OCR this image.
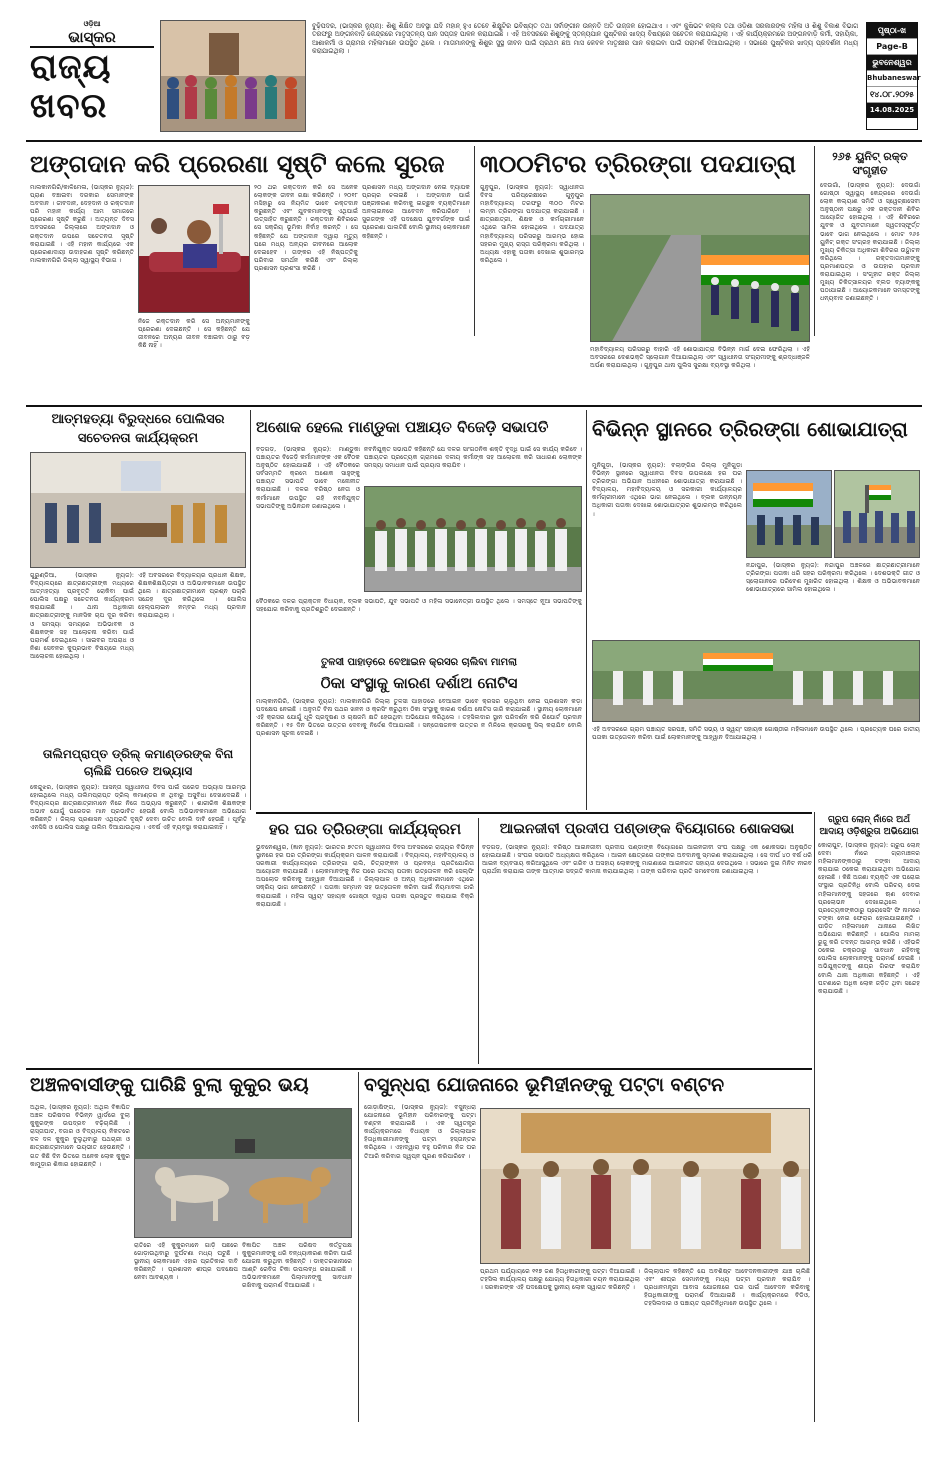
ଓଡ଼ିଆ
ଭାସ୍କର
ରାଜ୍ୟ
ଖବର
ବୁଢ଼ିପଦର, (ଭାସ୍କର ନ୍ୟୁଜ): ଶିଶୁ ଶିକ୍ଷିତ ଅବସ୍ଥା ଯଦି ମହାନ୍ ହୁଏ ତେବେ ଶିକ୍ଷୁଟିର ଭବିଷ୍ୟତ ତଥା ସର୍ବାଙ୍ଗୀନ ଉନ୍ନତି ଅତି ଉଜ୍ଜଳ ହୋଇଥାଏ । ଏବଂ କୁଷିଭଟ କଲ୍ଲ ତଥା ଓଡ଼ିଶା ସରକାରଙ୍କ ମହିଳା ଓ ଶିଶୁ ବିକାଶ ବିଭାଗ ତରଫରୁ ଅଙ୍ଗନବାଡ଼ି କେନ୍ଦ୍ରରେ ମାତୃସ୍ତନ୍ୟ ପାନ ସପ୍ତାହ ପାଳନ କରାଯାଇଛି । ଏହି ଅବସରରେ ଶିଶୁଙ୍କୁ ସ୍ତନ୍ୟପାନ ପୁଷ୍ଟିକର ଖାଦ୍ୟ ବିଷୟରେ ସଚେତନ କରାଯାଇଥିଲା । ଏହି କାର୍ଯ୍ୟକ୍ରମରେ ଅଙ୍ଗନବାଡ଼ି କର୍ମୀ, ସହାୟିକା, ଆଶାକର୍ମୀ ଓ ଗ୍ରାମର ମହିଳାମାନେ ଉପସ୍ଥିତ ଥିଲେ । ମାତାମାନଙ୍କୁ ଶିଶୁର ସୁସ୍ଥ ଜୀବନ ପାଇଁ ପ୍ରଥମ ଛଅ ମାସ କେବଳ ମାତୃକ୍ଷୀର ପାନ କରାଇବା ପାଇଁ ପରାମର୍ଶ ଦିଆଯାଇଥିଲା । ସଭାରେ ପୁଷ୍ଟିକର ଖାଦ୍ୟ ପ୍ରଦର୍ଶନୀ ମଧ୍ୟ କରାଯାଇଥିଲା ।
ପୃଷ୍ଠା-ଖ
Page-B
ଭୁବନେଶ୍ୱର
Bhubaneswar
୧୪.୦୮.୨୦୨୫
14.08.2025
ଅଙ୍ଗଦାନ କରି ପ୍ରେରଣା ସୃଷ୍ଟି କଲେ ସୁରଜ	୩୦୦ମିଟର ତ୍ରିରଙ୍ଗା ପଦଯାତ୍ରା	୨୬୫ ୟୁନିଟ୍ ରକ୍ତ ସଂଗୃହୀତ
ମାଲକାନଗିରି/କାଳିମେଳା, (ଭାସ୍କର ନ୍ୟୁଜ): ପ୍ରାଣ ବଞ୍ଚାଇବା ଦରକାର ସେମାନଙ୍କ ଅବଦାନ । ଜୀବଦାନ, ଦେହଦାନ ଓ ରକ୍ତଦାନ ପରି ମହାନ କାର୍ଯ୍ୟ ଆମ ସମାଜରେ ପ୍ରେରଣା ସୃଷ୍ଟି କରୁଛି । ଅତ୍ୟନ୍ତ ଦିବସ ଅବସରରେ ଜିଲ୍ଲାରେ ଅଙ୍ଗଦାନ ଓ ରକ୍ତଦାନ ଉପରେ ସଚେତନତା ସୃଷ୍ଟି କରାଯାଇଛି । ଏହି ମହାନ କାର୍ଯ୍ୟରେ ଏକ ପ୍ରେରଣାଦାୟୀ ଉଦାହରଣ ସୃଷ୍ଟି କରିଛନ୍ତି ମାଲକାନଗିରି ଜିଲ୍ଲା ସ୍ୱାସ୍ଥ୍ୟ ବିଭାଗ ।
ନିଜେ ରକ୍ତଦାନ କରି ସେ ଅନ୍ୟମାନଙ୍କୁ ପ୍ରେରଣା ଦେଇଛନ୍ତି । ସେ କହିଛନ୍ତି ଯେ ଜୀବନରେ ଅନ୍ୟର ଜୀବନ ବଞ୍ଚାଇବା ଠାରୁ ବଡ଼ କିଛି ନାହିଁ ।
୨୦ ଥର ରକ୍ତଦାନ କରି ସେ ଅନେକ ଲୋକଙ୍କ ଜୀବନ ରକ୍ଷା କରିଛନ୍ତି । ୨୦୧୮ ମସିହାରୁ ସେ ନିୟମିତ ଭାବେ ରକ୍ତଦାନ କରୁଛନ୍ତି ଏବଂ ଯୁବକମାନଙ୍କୁ ଏଥିପାଇଁ ଉତ୍ସାହିତ କରୁଛନ୍ତି । ରକ୍ତଦାନ ଶିବିରରେ ସେ ସକ୍ରିୟ ଭୂମିକା ନିର୍ବାହ କରନ୍ତି । ସେ କହିଛନ୍ତି ଯେ ଅଙ୍ଗଦାନ ଦ୍ୱାରା ମୃତ୍ୟୁ ପରେ ମଧ୍ୟ ଅନ୍ୟର ଜୀବନରେ ଆଲୋକ ଦେଇହେବ । ତାଙ୍କର ଏହି ନିଷ୍ପତ୍ତିକୁ ପରିବାର ସମର୍ଥନ କରିଛି ଏବଂ ଜିଲ୍ଲା ପ୍ରଶାସନ ପ୍ରଶଂସା କରିଛି ।
ପ୍ରଶାସନ ମଧ୍ୟ ଅଙ୍ଗଦାନ ନେଇ ବ୍ୟାପକ ପ୍ରଚାର ଚଳାଇଛି । ଅଙ୍ଗଦାନ ପାଇଁ ପଞ୍ଜୀକରଣ କରିବାକୁ ଇଚ୍ଛୁକ ବ୍ୟକ୍ତିମାନେ ଅନଲାଇନରେ ଆବେଦନ କରିପାରିବେ । ସୁରଜଙ୍କ ଏହି ପଦକ୍ଷେପ ଯୁବବର୍ଗଙ୍କ ପାଇଁ ପ୍ରେରଣା ପାଲଟିଛି ବୋଲି ସ୍ଥାନୀୟ ଲୋକମାନେ କହିଛନ୍ତି ।
ଗୁନୁପୁର, (ଭାସ୍କର ନ୍ୟୁଜ): ସ୍ୱାଧୀନତା ଦିବସ ପରିପ୍ରେକ୍ଷୀରେ ଗୁନୁପୁର ମହାବିଦ୍ୟାଳୟ ତରଫରୁ ୩୦୦ ମିଟର ଲମ୍ବା ତ୍ରିରଙ୍ଗା ପଦଯାତ୍ରା କରାଯାଇଛି । ଛାତ୍ରଛାତ୍ରୀ, ଶିକ୍ଷକ ଓ କର୍ମଚାରୀମାନେ ଏଥିରେ ସାମିଲ ହୋଇଥିଲେ । ପଦଯାତ୍ରା ମହାବିଦ୍ୟାଳୟ ପରିସରରୁ ଆରମ୍ଭ ହୋଇ ସହରର ମୁଖ୍ୟ ରାସ୍ତା ପରିକ୍ରମା କରିଥିଲା । ଅଧ୍ୟକ୍ଷ ଏହାକୁ ପତାକା ଦେଖାଇ ଶୁଭାରମ୍ଭ କରିଥିଲେ ।
ମହାବିଦ୍ୟାଳୟ ପରିସରରୁ ବାହାରି ଏହି ଶୋଭାଯାତ୍ରା ବିଭିନ୍ନ ମାର୍ଗ ଦେଇ ଫେରିଥିଲା । ଏହି ଅବସରରେ ଦେଶଭକ୍ତି ସ୍ଲୋଗାନ ଦିଆଯାଇଥିଲା ଏବଂ ସ୍ୱାଧୀନତା ସଂଗ୍ରାମୀଙ୍କୁ ଶ୍ରଦ୍ଧାଞ୍ଜଳି ଅର୍ପଣ କରାଯାଇଥିଲା । ଗୁନୁପୁର ଥାନା ପୁଲିସ ସୁରକ୍ଷା ବ୍ୟବସ୍ଥା କରିଥିଲା ।
ଦେଉଗାଁ, (ଭାସ୍କର ନ୍ୟୁଜ): ଦେଉଗାଁ ଗୋଷ୍ଠୀ ସ୍ୱାସ୍ଥ୍ୟ କେନ୍ଦ୍ରରେ ଦେଉଗାଁ ଲୋକ କଲ୍ୟାଣ ସମିତି ଓ ସ୍ୱେଚ୍ଛାସେବୀ ଅନୁଷ୍ଠାନ ପକ୍ଷରୁ ଏକ ରକ୍ତଦାନ ଶିବିର ଆୟୋଜିତ ହୋଇଥିଲା । ଏହି ଶିବିରରେ ଯୁବକ ଓ ଯୁବତୀମାନେ ସ୍ୱତଃସ୍ଫୂର୍ତ୍ତ ଭାବେ ଭାଗ ନେଇଥିଲେ । ମୋଟ ୨୬୫ ୟୁନିଟ୍ ରକ୍ତ ସଂଗ୍ରହ କରାଯାଇଛି । ଜିଲ୍ଲା ମୁଖ୍ୟ ଚିକିତ୍ସା ଅଧିକାରୀ ଶିବିରର ଉଦ୍ଘାଟନ କରିଥିଲେ । ରକ୍ତଦାତାମାନଙ୍କୁ ପ୍ରମାଣପତ୍ର ଓ ଉପହାର ପ୍ରଦାନ କରାଯାଇଥିଲା । ସଂଗୃହୀତ ରକ୍ତ ଜିଲ୍ଲା ମୁଖ୍ୟ ଚିକିତ୍ସାଳୟର ବ୍ଲଡ ବ୍ୟାଙ୍କକୁ ପଠାଯାଇଛି । ଆୟୋଜକମାନେ ସମସ୍ତଙ୍କୁ ଧନ୍ୟବାଦ ଜଣାଇଛନ୍ତି ।
ଆତ୍ମହତ୍ୟା ବିରୁଦ୍ଧରେ ପୋଲିସର ସଚେତନତା କାର୍ଯ୍ୟକ୍ରମ
ଗୁରୁଣ୍ଡିଆ, (ଭାସ୍କର ନ୍ୟୁଜ): ବିଦ୍ୟାଳୟରେ ଛାତ୍ରଛାତ୍ରୀଙ୍କ ମଧ୍ୟରେ ଆତ୍ମହତ୍ୟା ପ୍ରବୃତ୍ତି ରୋକିବା ପାଇଁ ପୋଲିସ ପକ୍ଷରୁ ସଚେତନତା କାର୍ଯ୍ୟକ୍ରମ କରାଯାଇଛି । ଥାନା ଅଧିକାରୀ ଛାତ୍ରଛାତ୍ରୀଙ୍କୁ ମାନସିକ ଚାପ ଦୂର କରିବା ଓ ସମସ୍ୟା ସମୟରେ ଅଭିଭାବକ ଓ ଶିକ୍ଷକଙ୍କ ସହ ଆଲୋଚନା କରିବା ପାଇଁ ପରାମର୍ଶ ଦେଇଥିଲେ । ସାଇବର ଅପରାଧ ଓ ନିଶା ସେବନର କୁପ୍ରଭାବ ବିଷୟରେ ମଧ୍ୟ ଆଲୋଚନା ହୋଇଥିଲା ।
ଏହି ଅବସରରେ ବିଦ୍ୟାଳୟର ପ୍ରଧାନ ଶିକ୍ଷକ, ଶିକ୍ଷକଶିକ୍ଷୟିତ୍ରୀ ଓ ଅଭିଭାବକମାନେ ଉପସ୍ଥିତ ଥିଲେ । ଛାତ୍ରଛାତ୍ରୀମାନେ ପ୍ରଶ୍ନ ପଚାରି ସନ୍ଦେହ ଦୂର କରିଥିଲେ । ପୋଲିସ ହେଲ୍ପଲାଇନ ନମ୍ବର ମଧ୍ୟ ପ୍ରଦାନ କରାଯାଇଥିଲା ।
ଅଶୋକ ହେଲେ ମାଣ୍ଡୁକା ପଞ୍ଚାୟତ ବିଜେଡ଼ି ସଭାପତି
ବଡ଼ଗଡ଼, (ଭାସ୍କର ନ୍ୟୁଜ): ମାଣ୍ଡୁକା ପଞ୍ଚାୟତର ବିଜେଡ଼ି କର୍ମୀମାନଙ୍କ ଏକ ବୈଠକ ଅନୁଷ୍ଠିତ ହୋଇଯାଇଛି । ଏହି ବୈଠକରେ ସର୍ବସମ୍ମତି କ୍ରମେ ଅଶୋକ ସାହୁଙ୍କୁ ପଞ୍ଚାୟତ ସଭାପତି ଭାବେ ମନୋନୀତ କରାଯାଇଛି । ଦଳର ବରିଷ୍ଠ ନେତା ଓ କର୍ମୀମାନେ ଉପସ୍ଥିତ ରହି ନବନିଯୁକ୍ତ ସଭାପତିଙ୍କୁ ଅଭିନନ୍ଦନ ଜଣାଇଥିଲେ ।
ନବନିଯୁକ୍ତ ସଭାପତି କହିଛନ୍ତି ଯେ ଦଳର ସାଂଗଠନିକ ଶକ୍ତି ବୃଦ୍ଧି ପାଇଁ ସେ କାର୍ଯ୍ୟ କରିବେ । ପଞ୍ଚାୟତର ପ୍ରତ୍ୟେକ ଗ୍ରାମରେ ଦଳୀୟ କର୍ମୀଙ୍କ ସହ ଆଲୋଚନା କରି ସାଧାରଣ ଲୋକଙ୍କ ସମସ୍ୟା ସମାଧାନ ପାଇଁ ପ୍ରୟାସ କରାଯିବ ।
ବୈଠକରେ ଦଳର ପ୍ରାକ୍ତନ ବିଧାୟକ, ବ୍ଲକ ସଭାପତି, ଯୁବ ସଭାପତି ଓ ମହିଳା ସଭାନେତ୍ରୀ ଉପସ୍ଥିତ ଥିଲେ । ସମସ୍ତେ ନୂଆ ସଭାପତିଙ୍କୁ ସହଯୋଗ କରିବାକୁ ପ୍ରତିଶ୍ରୁତି ଦେଇଛନ୍ତି ।
ବିଭିନ୍ନ ସ୍ଥାନରେ ତ୍ରିରଙ୍ଗା ଶୋଭାଯାତ୍ରା
ମୁନିଗୁଡ଼ା, (ଭାସ୍କର ନ୍ୟୁଜ): ବଲାଙ୍ଗିର ଜିଲ୍ଲା ମୁନିଗୁଡ଼ା ବିଭିନ୍ନ ସ୍ଥାନରେ ସ୍ୱାଧୀନତା ଦିବସ ଉପଲକ୍ଷେ ହର ଘର ତ୍ରିରଙ୍ଗା ଅଭିଯାନ ଅଧୀନରେ ଶୋଭାଯାତ୍ରା କରାଯାଇଛି । ବିଦ୍ୟାଳୟ, ମହାବିଦ୍ୟାଳୟ ଓ ସରକାରୀ କାର୍ଯ୍ୟାଳୟର କର୍ମଚାରୀମାନେ ଏଥିରେ ଭାଗ ନେଇଥିଲେ । ବ୍ଲକ ଉନ୍ନୟନ ଅଧିକାରୀ ପତାକା ଦେଖାଇ ଶୋଭାଯାତ୍ରାର ଶୁଭାରମ୍ଭ କରିଥିଲେ ।
ନନ୍ଦାପୁର, (ଭାସ୍କର ନ୍ୟୁଜ): ନନ୍ଦାପୁର ଅଞ୍ଚଳରେ ଛାତ୍ରଛାତ୍ରୀମାନେ ତ୍ରିରଙ୍ଗା ପତାକା ଧରି ସହର ପରିକ୍ରମା କରିଥିଲେ । ଦେଶଭକ୍ତି ଗୀତ ଓ ସ୍ଲୋଗାନରେ ପରିବେଶ ମୁଖରିତ ହୋଇଥିଲା । ଶିକ୍ଷକ ଓ ଅଭିଭାବକମାନେ ଶୋଭାଯାତ୍ରାରେ ସାମିଲ ହୋଇଥିଲେ ।
ଏହି ଅବସରରେ ଗ୍ରାମ ପଞ୍ଚାୟତ ସରପଞ୍ଚ, ସମିତି ସଭ୍ୟ ଓ ସ୍ୱୟଂ ସହାୟକ ଗୋଷ୍ଠୀର ମହିଳାମାନେ ଉପସ୍ଥିତ ଥିଲେ । ପ୍ରତ୍ୟେକ ଘରେ ଜାତୀୟ ପତାକା ଉତ୍ତୋଳନ କରିବା ପାଇଁ ଲୋକମାନଙ୍କୁ ଆହ୍ୱାନ ଦିଆଯାଇଥିଲା ।
ତାଲିମପ୍ରାପ୍ତ ଡ୍ରିଲ୍ କମାଣ୍ଡରଙ୍କ ବିନା ଚାଲିଛି ପରେଡ ଅଭ୍ୟାସ
କେନ୍ଦୁଝର, (ଭାସ୍କର ନ୍ୟୁଜ): ଆସନ୍ତା ସ୍ୱାଧୀନତା ଦିବସ ପାଇଁ ପରେଡ ଅଭ୍ୟାସ ଆରମ୍ଭ ହୋଇଥିଲେ ମଧ୍ୟ ତାଲିମପ୍ରାପ୍ତ ଡ୍ରିଲ୍ କମାଣ୍ଡର ନ ଥିବାରୁ ଅସୁବିଧା ଦେଖାଦେଇଛି । ବିଦ୍ୟାଳୟର ଛାତ୍ରଛାତ୍ରୀମାନେ ନିଜେ ନିଜେ ଅଭ୍ୟାସ କରୁଛନ୍ତି । ଶାରୀରିକ ଶିକ୍ଷକଙ୍କ ଅଭାବ ଯୋଗୁଁ ପରେଡର ମାନ ପ୍ରଭାବିତ ହେଉଛି ବୋଲି ଅଭିଭାବକମାନେ ଅଭିଯୋଗ କରିଛନ୍ତି । ଜିଲ୍ଲା ପ୍ରଶାସନ ଏଥିପ୍ରତି ଦୃଷ୍ଟି ଦେବା ଉଚିତ ବୋଲି ଦାବି ହେଉଛି । ପୂର୍ବରୁ ଏନସିସି ଓ ପୋଲିସ ପକ୍ଷରୁ ତାଲିମ ଦିଆଯାଉଥିଲା । ଏବର୍ଷ ଏହି ବ୍ୟବସ୍ଥା କରାଯାଇନାହିଁ ।
ତୁଳସୀ ପାହାଡ଼ରେ ବେଆଇନ କ୍ରସର ଚାଲିବା ମାମଲା
ଠିକା ସଂସ୍ଥାକୁ କାରଣ ଦର୍ଶାଅ ନୋଟିସ
ମାଲ୍‌କାନଗିରି, (ଭାସ୍କର ନ୍ୟୁଜ): ମାଲକାନଗିରି ଜିଲ୍ଲା ତୁଳସୀ ପାହାଡ଼ରେ ବେଆଇନ ଭାବେ କ୍ରସର ଚାଲୁଥିବା ନେଇ ପ୍ରଶାସନ କଡ଼ା ପଦକ୍ଷେପ ନେଇଛି । ଅନୁମତି ବିନା ପଥର ଖନନ ଓ କ୍ରସିଂ କରୁଥିବା ଠିକା ସଂସ୍ଥାକୁ କାରଣ ଦର୍ଶାଅ ନୋଟିସ ଜାରି କରାଯାଇଛି । ସ୍ଥାନୀୟ ଲୋକମାନେ ଏହି କ୍ରସର ଯୋଗୁଁ ଧୂଳି ପ୍ରଦୂଷଣ ଓ ଚାଷଜମି କ୍ଷତି ହେଉଥିବା ଅଭିଯୋଗ କରିଥିଲେ । ତହସିଲଦାର ସ୍ଥାନ ପରିଦର୍ଶନ କରି ରିପୋର୍ଟ ପ୍ରଦାନ କରିଛନ୍ତି । ୧୫ ଦିନ ଭିତରେ ଉତ୍ତର ଦେବାକୁ ନିର୍ଦ୍ଦେଶ ଦିଆଯାଇଛି । ସନ୍ତୋଷଜନକ ଉତ୍ତର ନ ମିଳିଲେ କ୍ରସରକୁ ସିଲ୍ କରାଯିବ ବୋଲି ପ୍ରଶାସନ ସୂଚନା ଦେଇଛି ।
ହର ଘର ତ୍ରିରଙ୍ଗା କାର୍ଯ୍ୟକ୍ରମ
ଭୁବନେଶ୍ୱର, (ଜ୍ଞାନ ନ୍ୟୁଜ): ଭାରତର ୭୯ତମ ସ୍ୱାଧୀନତା ଦିବସ ଅବସରରେ ରାଜ୍ୟର ବିଭିନ୍ନ ସ୍ଥାନରେ ହର ଘର ତ୍ରିରଙ୍ଗା କାର୍ଯ୍ୟକ୍ରମ ପାଳନ କରାଯାଉଛି । ବିଦ୍ୟାଳୟ, ମହାବିଦ୍ୟାଳୟ ଓ ସରକାରୀ କାର୍ଯ୍ୟାଳୟରେ ତ୍ରିରଙ୍ଗା ରାଲି, ଚିତ୍ରାଙ୍କନ ଓ ପ୍ରବନ୍ଧ ପ୍ରତିଯୋଗିତା ଆୟୋଜନ କରାଯାଇଛି । ଲୋକମାନଙ୍କୁ ନିଜ ଘରେ ଜାତୀୟ ପତାକା ଉତ୍ତୋଳନ କରି ସେଲ୍ଫି ଅପଲୋଡ କରିବାକୁ ଆହ୍ୱାନ ଦିଆଯାଇଛି । ଜିଲ୍ଲାପାଳ ଓ ଅନ୍ୟ ଅଧିକାରୀମାନେ ଏଥିରେ ସକ୍ରିୟ ଭାଗ ନେଉଛନ୍ତି । ପତାକା ସମ୍ମାନ ସହ ଉତ୍ତୋଳନ କରିବା ପାଇଁ ନିୟମାବଳୀ ଜାରି କରାଯାଇଛି । ମହିଳା ସ୍ୱୟଂ ସହାୟକ ଗୋଷ୍ଠୀ ଦ୍ୱାରା ପତାକା ପ୍ରସ୍ତୁତ କରାଯାଇ ବିକ୍ରି କରାଯାଉଛି ।
ଆଇନଜୀବୀ ପ୍ରଦୀପ ପଣ୍ଡାଙ୍କ ବିୟୋଗରେ ଶୋକସଭା
ବଡ଼ଗଡ଼, (ଭାସ୍କର ନ୍ୟୁଜ): ବରିଷ୍ଠ ଆଇନଜୀବୀ ପ୍ରଦୀପ ପଣ୍ଡାଙ୍କ ବିୟୋଗରେ ଆଇନଜୀବୀ ସଂଘ ପକ୍ଷରୁ ଏକ ଶୋକସଭା ଅନୁଷ୍ଠିତ ହୋଇଯାଇଛି । ସଂଘର ସଭାପତି ଅଧ୍ୟକ୍ଷତା କରିଥିଲେ । ଆଇନ କ୍ଷେତ୍ରରେ ତାଙ୍କର ଅବଦାନକୁ ସ୍ମରଣ କରାଯାଇଥିଲା । ସେ ଦୀର୍ଘ ୪୦ ବର୍ଷ ଧରି ଆଇନ ବ୍ୟବସାୟ କରିଆସୁଥିଲେ ଏବଂ ଗରିବ ଓ ଅସହାୟ ଲୋକଙ୍କୁ ମାଗଣାରେ ଆଇନଗତ ସହାୟତା ଦେଉଥିଲେ । ସଭାରେ ଦୁଇ ମିନିଟ ନୀରବ ପ୍ରାର୍ଥନା କରାଯାଇ ତାଙ୍କ ଆତ୍ମାର ସଦ୍‌ଗତି କାମନା କରାଯାଇଥିଲା । ତାଙ୍କ ପରିବାର ପ୍ରତି ସମବେଦନା ଜଣାଯାଇଥିଲା ।
ଗ୍ରୁପ ଲୋନ୍ ନାଁରେ ଅର୍ଥ ଆଦାୟ ଓଡ଼ିଶ୍ରୁତା ଅଭିଯୋଗ
କୋରାପୁଟ, (ଭାସ୍କର ନ୍ୟୁଜ): ଗ୍ରୁପ ଲୋନ୍ ଦେବା ନାଁରେ ଗ୍ରାମାଞ୍ଚଳର ମହିଳାମାନଙ୍କଠାରୁ ଟଙ୍କା ଆଦାୟ କରାଯାଇ ଠକେଇ କରାଯାଇଥିବା ଅଭିଯୋଗ ହୋଇଛି । କିଛି ଅଜଣା ବ୍ୟକ୍ତି ଏକ ଘରୋଇ ସଂସ୍ଥାର ପ୍ରତିନିଧି ବୋଲି ପରିଚୟ ଦେଇ ମହିଳାମାନଙ୍କୁ ସହଜରେ ଋଣ ଦେବାର ପ୍ରଲୋଭନ ଦେଖାଇଥିଲେ । ପ୍ରତ୍ୟେକଙ୍କଠାରୁ ପ୍ରୋସେସିଂ ଫି ନାମରେ ଟଙ୍କା ନେଇ ଫେରାର ହୋଇଯାଇଛନ୍ତି । ପୀଡ଼ିତ ମହିଳାମାନେ ଥାନାରେ ଲିଖିତ ଅଭିଯୋଗ କରିଛନ୍ତି । ପୋଲିସ ମାମଲା ରୁଜୁ କରି ତଦନ୍ତ ଆରମ୍ଭ କରିଛି । ଏହିଭଳି ଠକେଇ ଚକ୍ରଠାରୁ ସାବଧାନ ରହିବାକୁ ପୋଲିସ ଲୋକମାନଙ୍କୁ ପରାମର୍ଶ ଦେଇଛି । ଅଭିଯୁକ୍ତଙ୍କୁ ଶୀଘ୍ର ଗିରଫ କରାଯିବ ବୋଲି ଥାନା ଅଧିକାରୀ କହିଛନ୍ତି । ଏହି ଘଟଣାରେ ଅଧିକ ଲୋକ ଜଡ଼ିତ ଥିବା ସନ୍ଦେହ କରାଯାଉଛି ।
ଅଞ୍ଚଳବାସୀଙ୍କୁ ଘାରିଛି ବୁଲା କୁକୁର ଭୟ
ଅଥିଲ, (ଭାସ୍କର ନ୍ୟୁଜ): ଅଥିଲ ବିଜ୍ଞାପିତ ଅଞ୍ଚଳ ପରିଷଦର ବିଭିନ୍ନ ୱାର୍ଡରେ ବୁଲା କୁକୁରଙ୍କ ଉପଦ୍ରବ ବଢ଼ିଚାଲିଛି । ରାସ୍ତାଘାଟ, ବଜାର ଓ ବିଦ୍ୟାଳୟ ନିକଟରେ ଦଳ ଦଳ କୁକୁର ବୁଲୁଥିବାରୁ ପଥଚାରୀ ଓ ଛାତ୍ରଛାତ୍ରୀମାନେ ଭୟଭୀତ ହେଉଛନ୍ତି । ଗତ କିଛି ଦିନ ଭିତରେ ଅନେକ ଲୋକ କୁକୁର କାମୁଡ଼ାର ଶିକାର ହୋଇଛନ୍ତି ।
ରାତିରେ ଏହି କୁକୁରମାନେ ଗାଡ଼ି ପଛରେ ଗୋଡ଼ାଉଥିବାରୁ ଦୁର୍ଘଟଣା ମଧ୍ୟ ଘଟୁଛି । ସ୍ଥାନୀୟ ଲୋକମାନେ ଏହାର ପ୍ରତିକାର ଦାବି କରିଛନ୍ତି । ପ୍ରଶାସନ ଶୀଘ୍ର ପଦକ୍ଷେପ ନେବା ଆବଶ୍ୟକ ।
ବିଜ୍ଞାପିତ ଅଞ୍ଚଳ ପରିଷଦ କର୍ତ୍ତୃପକ୍ଷ କୁକୁରମାନଙ୍କୁ ଧରି ବନ୍ଧ୍ୟାକରଣ କରିବା ପାଇଁ ଯୋଜନା କରୁଥିବା କହିଛନ୍ତି । ଡାକ୍ତରଖାନାରେ ଆଣ୍ଟି ରେବିଜ ଟିକା ଉପଲବ୍ଧ ରଖାଯାଇଛି । ଅଭିଭାବକମାନେ ପିଲାମାନଙ୍କୁ ସାବଧାନ ରଖିବାକୁ ପରାମର୍ଶ ଦିଆଯାଇଛି ।
ବସୁନ୍ଧରା ଯୋଜନାରେ ଭୂମିହୀନଙ୍କୁ ପଟ୍ଟା ବଣ୍ଟନ
ଜୋଡ଼ାଷିଙ୍ଗ, (ଭାସ୍କର ନ୍ୟୁଜ): ବସୁନ୍ଧରା ଯୋଜନାରେ ଭୂମିହୀନ ପରିବାରଙ୍କୁ ପଟ୍ଟା ବଣ୍ଟନ କରାଯାଇଛି । ଏକ ସ୍ୱତନ୍ତ୍ର କାର୍ଯ୍ୟକ୍ରମରେ ବିଧାୟକ ଓ ଜିଲ୍ଲାପାଳ ହିତାଧିକାରୀମାନଙ୍କୁ ପଟ୍ଟା ହସ୍ତାନ୍ତର କରିଥିଲେ । ଏହାଦ୍ୱାରା ବହୁ ପରିବାର ନିଜ ଘର ତିଆରି କରିବାର ସ୍ୱପ୍ନ ପୂରଣ କରିପାରିବେ ।
ପ୍ରଥମ ପର୍ଯ୍ୟାୟରେ ୧୧୭ ଜଣ ହିତାଧିକାରୀଙ୍କୁ ପଟ୍ଟା ଦିଆଯାଇଛି । ତହସିଲ କାର୍ଯ୍ୟାଳୟ ପକ୍ଷରୁ ଯୋଗ୍ୟ ହିତାଧିକାରୀ ଚୟନ କରାଯାଇଥିଲା । ସରକାରଙ୍କ ଏହି ପଦକ୍ଷେପକୁ ସ୍ଥାନୀୟ ଲୋକ ସ୍ୱାଗତ କରିଛନ୍ତି ।
ଜିଲ୍ଲାପାଳ କହିଛନ୍ତି ଯେ ଅବଶିଷ୍ଟ ଆବେଦନକାରୀଙ୍କ ଯାଞ୍ଚ ଚାଲିଛି ଏବଂ ଶୀଘ୍ର ସେମାନଙ୍କୁ ମଧ୍ୟ ପଟ୍ଟା ପ୍ରଦାନ କରାଯିବ । ପ୍ରଧାନମନ୍ତ୍ରୀ ଆବାସ ଯୋଜନାରେ ଘର ପାଇଁ ଆବେଦନ କରିବାକୁ ହିତାଧିକାରୀଙ୍କୁ ପରାମର୍ଶ ଦିଆଯାଇଛି । କାର୍ଯ୍ୟକ୍ରମରେ ବିଡିଓ, ତହସିଲଦାର ଓ ପଞ୍ଚାୟତ ପ୍ରତିନିଧିମାନେ ଉପସ୍ଥିତ ଥିଲେ ।
